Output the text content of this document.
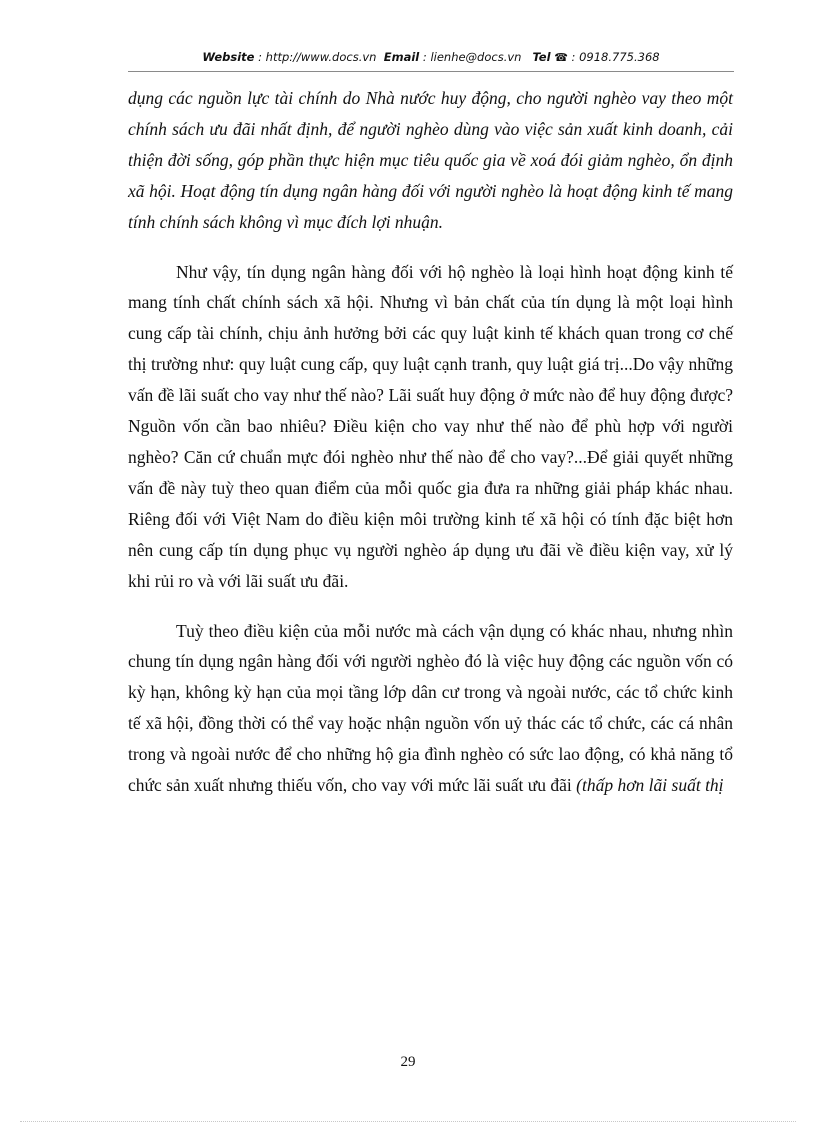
Website : http://www.docs.vn Email : lienhe@docs.vn Tel ☎ : 0918.775.368

dụng các nguồn lực tài chính do Nhà nước huy động, cho người nghèo vay theo một chính sách ưu đãi nhất định, để người nghèo dùng vào việc sản xuất kinh doanh, cải thiện đời sống, góp phần thực hiện mục tiêu quốc gia về xoá đói giảm nghèo, ổn định xã hội. Hoạt động tín dụng ngân hàng đối với người nghèo là hoạt động kinh tế mang tính chính sách không vì mục đích lợi nhuận.

Như vậy, tín dụng ngân hàng đối với hộ nghèo là loại hình hoạt động kinh tế mang tính chất chính sách xã hội. Nhưng vì bản chất của tín dụng là một loại hình cung cấp tài chính, chịu ảnh hưởng bởi các quy luật kinh tế khách quan trong cơ chế thị trường như: quy luật cung cấp, quy luật cạnh tranh, quy luật giá trị...Do vậy những vấn đề lãi suất cho vay như thế nào? Lãi suất huy động ở mức nào để huy động được? Nguồn vốn cần bao nhiêu? Điều kiện cho vay như thế nào để phù hợp với người nghèo? Căn cứ chuẩn mực đói nghèo như thế nào để cho vay?...Để giải quyết những vấn đề này tuỳ theo quan điểm của mỗi quốc gia đưa ra những giải pháp khác nhau. Riêng đối với Việt Nam do điều kiện môi trường kinh tế xã hội có tính đặc biệt hơn nên cung cấp tín dụng phục vụ người nghèo áp dụng ưu đãi về điều kiện vay, xử lý khi rủi ro và với lãi suất ưu đãi.

Tuỳ theo điều kiện của mỗi nước mà cách vận dụng có khác nhau, nhưng nhìn chung tín dụng ngân hàng đối với người nghèo đó là việc huy động các nguồn vốn có kỳ hạn, không kỳ hạn của mọi tầng lớp dân cư trong và ngoài nước, các tổ chức kinh tế xã hội, đồng thời có thể vay hoặc nhận nguồn vốn uỷ thác các tổ chức, các cá nhân trong và ngoài nước để cho những hộ gia đình nghèo có sức lao động, có khả năng tổ chức sản xuất nhưng thiếu vốn, cho vay với mức lãi suất ưu đãi (thấp hơn lãi suất thị

29
